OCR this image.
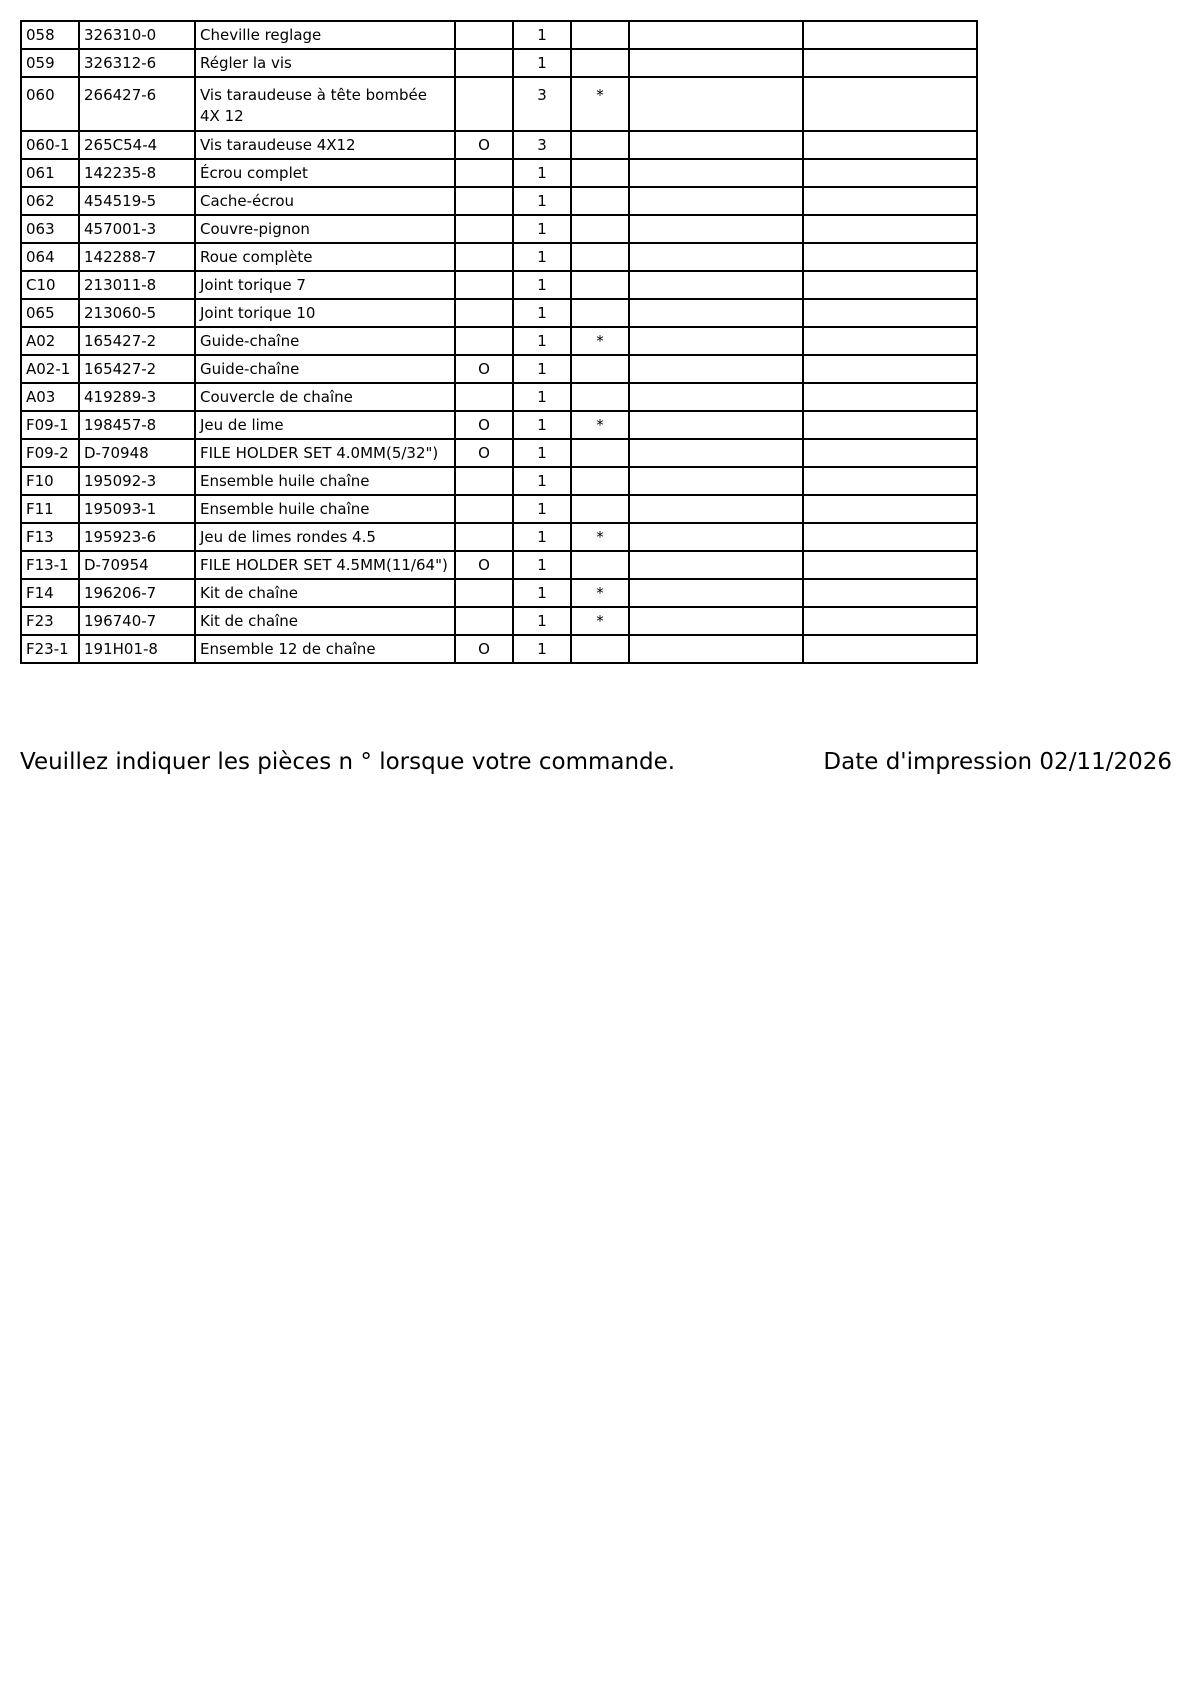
058	326310-0	Cheville reglage		1			
059	326312-6	Régler la vis		1			
060	266427-6	Vis taraudeuse à tête bombée 4X 12		3	*		
060-1	265C54-4	Vis taraudeuse 4X12	O	3			
061	142235-8	Écrou complet		1			
062	454519-5	Cache-écrou		1			
063	457001-3	Couvre-pignon		1			
064	142288-7	Roue complète		1			
C10	213011-8	Joint torique 7		1			
065	213060-5	Joint torique 10		1			
A02	165427-2	Guide-chaîne		1	*		
A02-1	165427-2	Guide-chaîne	O	1			
A03	419289-3	Couvercle de chaîne		1			
F09-1	198457-8	Jeu de lime	O	1	*		
F09-2	D-70948	FILE HOLDER SET 4.0MM(5/32")	O	1			
F10	195092-3	Ensemble huile chaîne		1			
F11	195093-1	Ensemble huile chaîne		1			
F13	195923-6	Jeu de limes rondes 4.5		1	*		
F13-1	D-70954	FILE HOLDER SET 4.5MM(11/64")	O	1			
F14	196206-7	Kit de chaîne		1	*		
F23	196740-7	Kit de chaîne		1	*		
F23-1	191H01-8	Ensemble 12 de chaîne	O	1			
Veuillez indiquer les pièces n ° lorsque votre commande.	Date d'impression 02/11/2026
